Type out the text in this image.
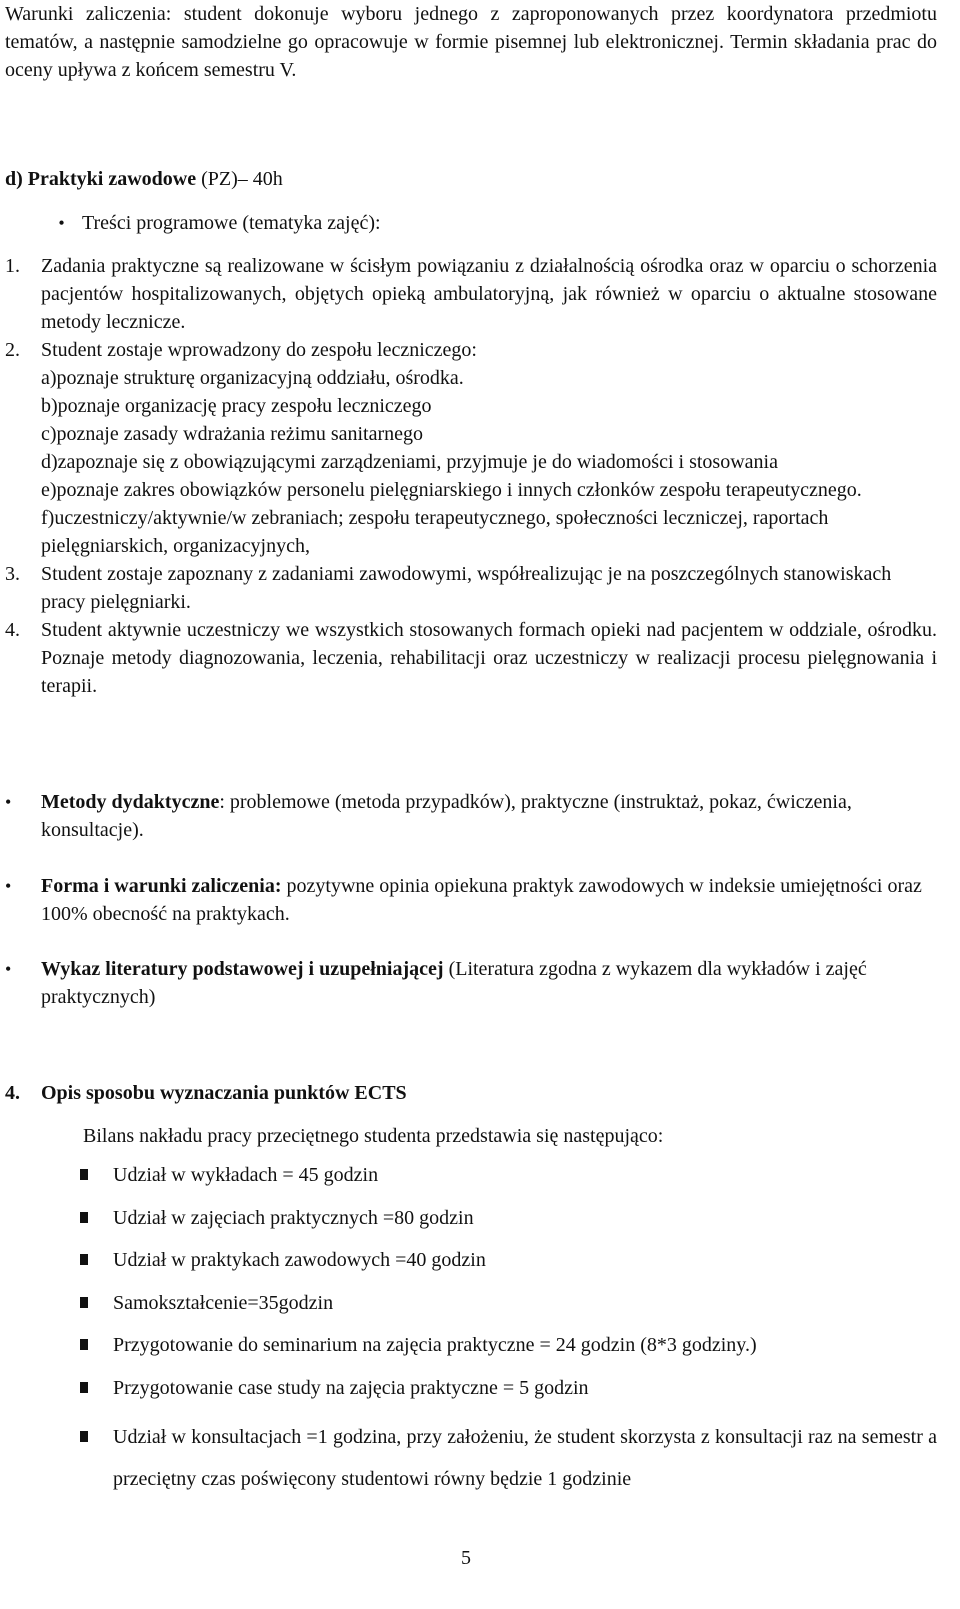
Warunki zaliczenia: student dokonuje wyboru jednego z zaproponowanych przez koordynatora przedmiotu tematów, a następnie samodzielne go opracowuje w formie pisemnej lub elektronicznej. Termin składania prac do oceny upływa z końcem semestru V.

d) Praktyki zawodowe (PZ)– 40h
• Treści programowe (tematyka zajęć):
1.	Zadania praktyczne są realizowane w ścisłym powiązaniu z działalnością ośrodka oraz w oparciu o schorzenia pacjentów hospitalizowanych, objętych opieką ambulatoryjną, jak również w oparciu o aktualne stosowane metody lecznicze.
2.	Student zostaje wprowadzony do zespołu leczniczego:

a)poznaje strukturę organizacyjną oddziału, ośrodka.

b)poznaje organizację pracy zespołu leczniczego

c)poznaje zasady wdrażania reżimu sanitarnego

d)zapoznaje się z obowiązującymi zarządzeniami, przyjmuje je do wiadomości i stosowania

e)poznaje zakres obowiązków personelu pielęgniarskiego i innych członków zespołu terapeutycznego.

f)uczestniczy/aktywnie/w zebraniach; zespołu terapeutycznego, społeczności leczniczej, raportach pielęgniarskich, organizacyjnych,

3.	Student zostaje zapoznany z zadaniami zawodowymi, współrealizując je na poszczególnych stanowiskach pracy pielęgniarki.
4.	Student aktywnie uczestniczy we wszystkich stosowanych formach opieki nad pacjentem w oddziale, ośrodku. Poznaje metody diagnozowania, leczenia, rehabilitacji oraz uczestniczy w realizacji procesu pielęgnowania i terapii.
•	Metody dydaktyczne: problemowe (metoda przypadków), praktyczne (instruktaż, pokaz, ćwiczenia, konsultacje).
•	Forma i warunki zaliczenia: pozytywne opinia opiekuna praktyk zawodowych w indeksie umiejętności oraz 100% obecność na praktykach.
•	Wykaz literatury podstawowej i uzupełniającej (Literatura zgodna z wykazem dla wykładów i zajęć praktycznych)
4.	Opis sposobu wyznaczania punktów ECTS
Bilans nakładu pracy przeciętnego studenta przedstawia się następująco:
Udział w wykładach = 45 godzin
Udział w zajęciach praktycznych =80 godzin
Udział w praktykach zawodowych =40 godzin
Samokształcenie=35godzin
Przygotowanie do seminarium na zajęcia praktyczne = 24 godzin (8*3 godziny.)
Przygotowanie case study na zajęcia praktyczne = 5 godzin
Udział w konsultacjach =1 godzina, przy założeniu, że student skorzysta z konsultacji raz na semestr a przeciętny czas poświęcony studentowi równy będzie 1 godzinie
5
